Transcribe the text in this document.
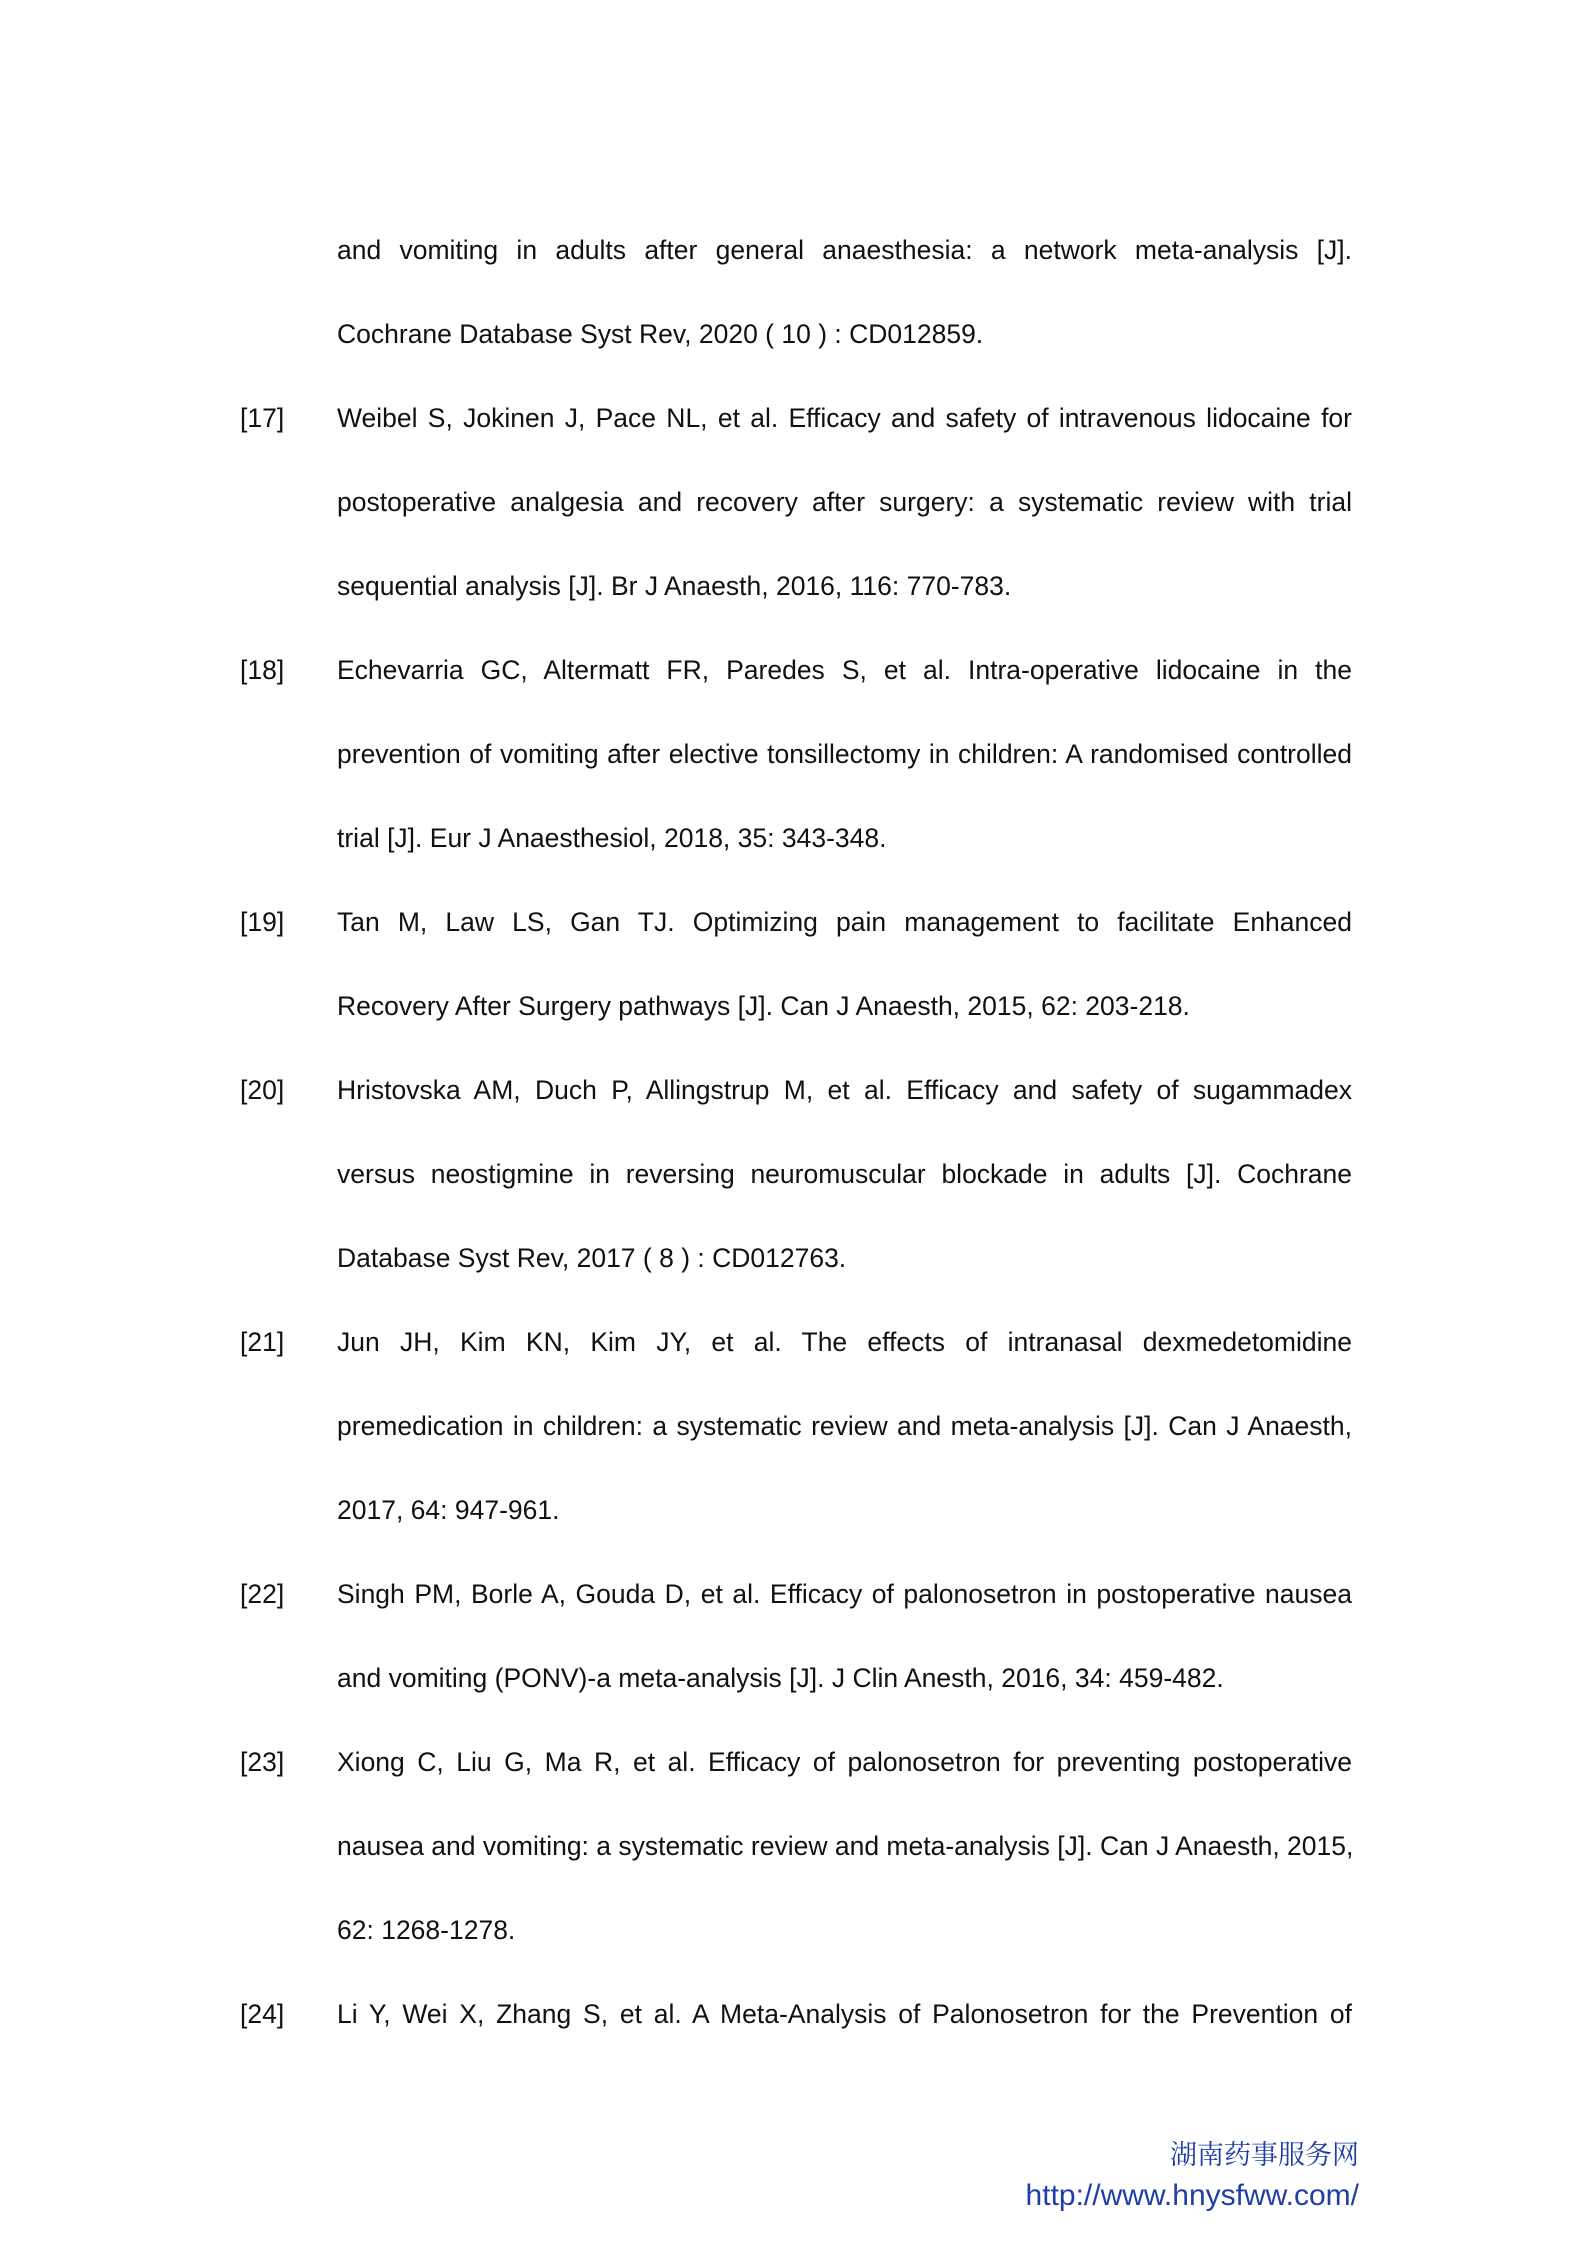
and vomiting in adults after general anaesthesia: a network meta-analysis [J].
Cochrane Database Syst Rev, 2020 ( 10 ) : CD012859.
[17] Weibel S, Jokinen J, Pace NL, et al. Efficacy and safety of intravenous lidocaine for
postoperative analgesia and recovery after surgery: a systematic review with trial
sequential analysis [J]. Br J Anaesth, 2016, 116: 770-783.
[18] Echevarria GC, Altermatt FR, Paredes S, et al. Intra-operative lidocaine in the
prevention of vomiting after elective tonsillectomy in children: A randomised controlled
trial [J]. Eur J Anaesthesiol, 2018, 35: 343-348.
[19] Tan M, Law LS, Gan TJ. Optimizing pain management to facilitate Enhanced
Recovery After Surgery pathways [J]. Can J Anaesth, 2015, 62: 203-218.
[20] Hristovska AM, Duch P, Allingstrup M, et al. Efficacy and safety of sugammadex
versus neostigmine in reversing neuromuscular blockade in adults [J]. Cochrane
Database Syst Rev, 2017 ( 8 ) : CD012763.
[21] Jun JH, Kim KN, Kim JY, et al. The effects of intranasal dexmedetomidine
premedication in children: a systematic review and meta-analysis [J]. Can J Anaesth,
2017, 64: 947-961.
[22] Singh PM, Borle A, Gouda D, et al. Efficacy of palonosetron in postoperative nausea
and vomiting (PONV)-a meta-analysis [J]. J Clin Anesth, 2016, 34: 459-482.
[23] Xiong C, Liu G, Ma R, et al. Efficacy of palonosetron for preventing postoperative
nausea and vomiting: a systematic review and meta-analysis [J]. Can J Anaesth, 2015,
62: 1268-1278.
[24] Li Y, Wei X, Zhang S, et al. A Meta-Analysis of Palonosetron for the Prevention of
湖南药事服务网
http://www.hnysfww.com/
